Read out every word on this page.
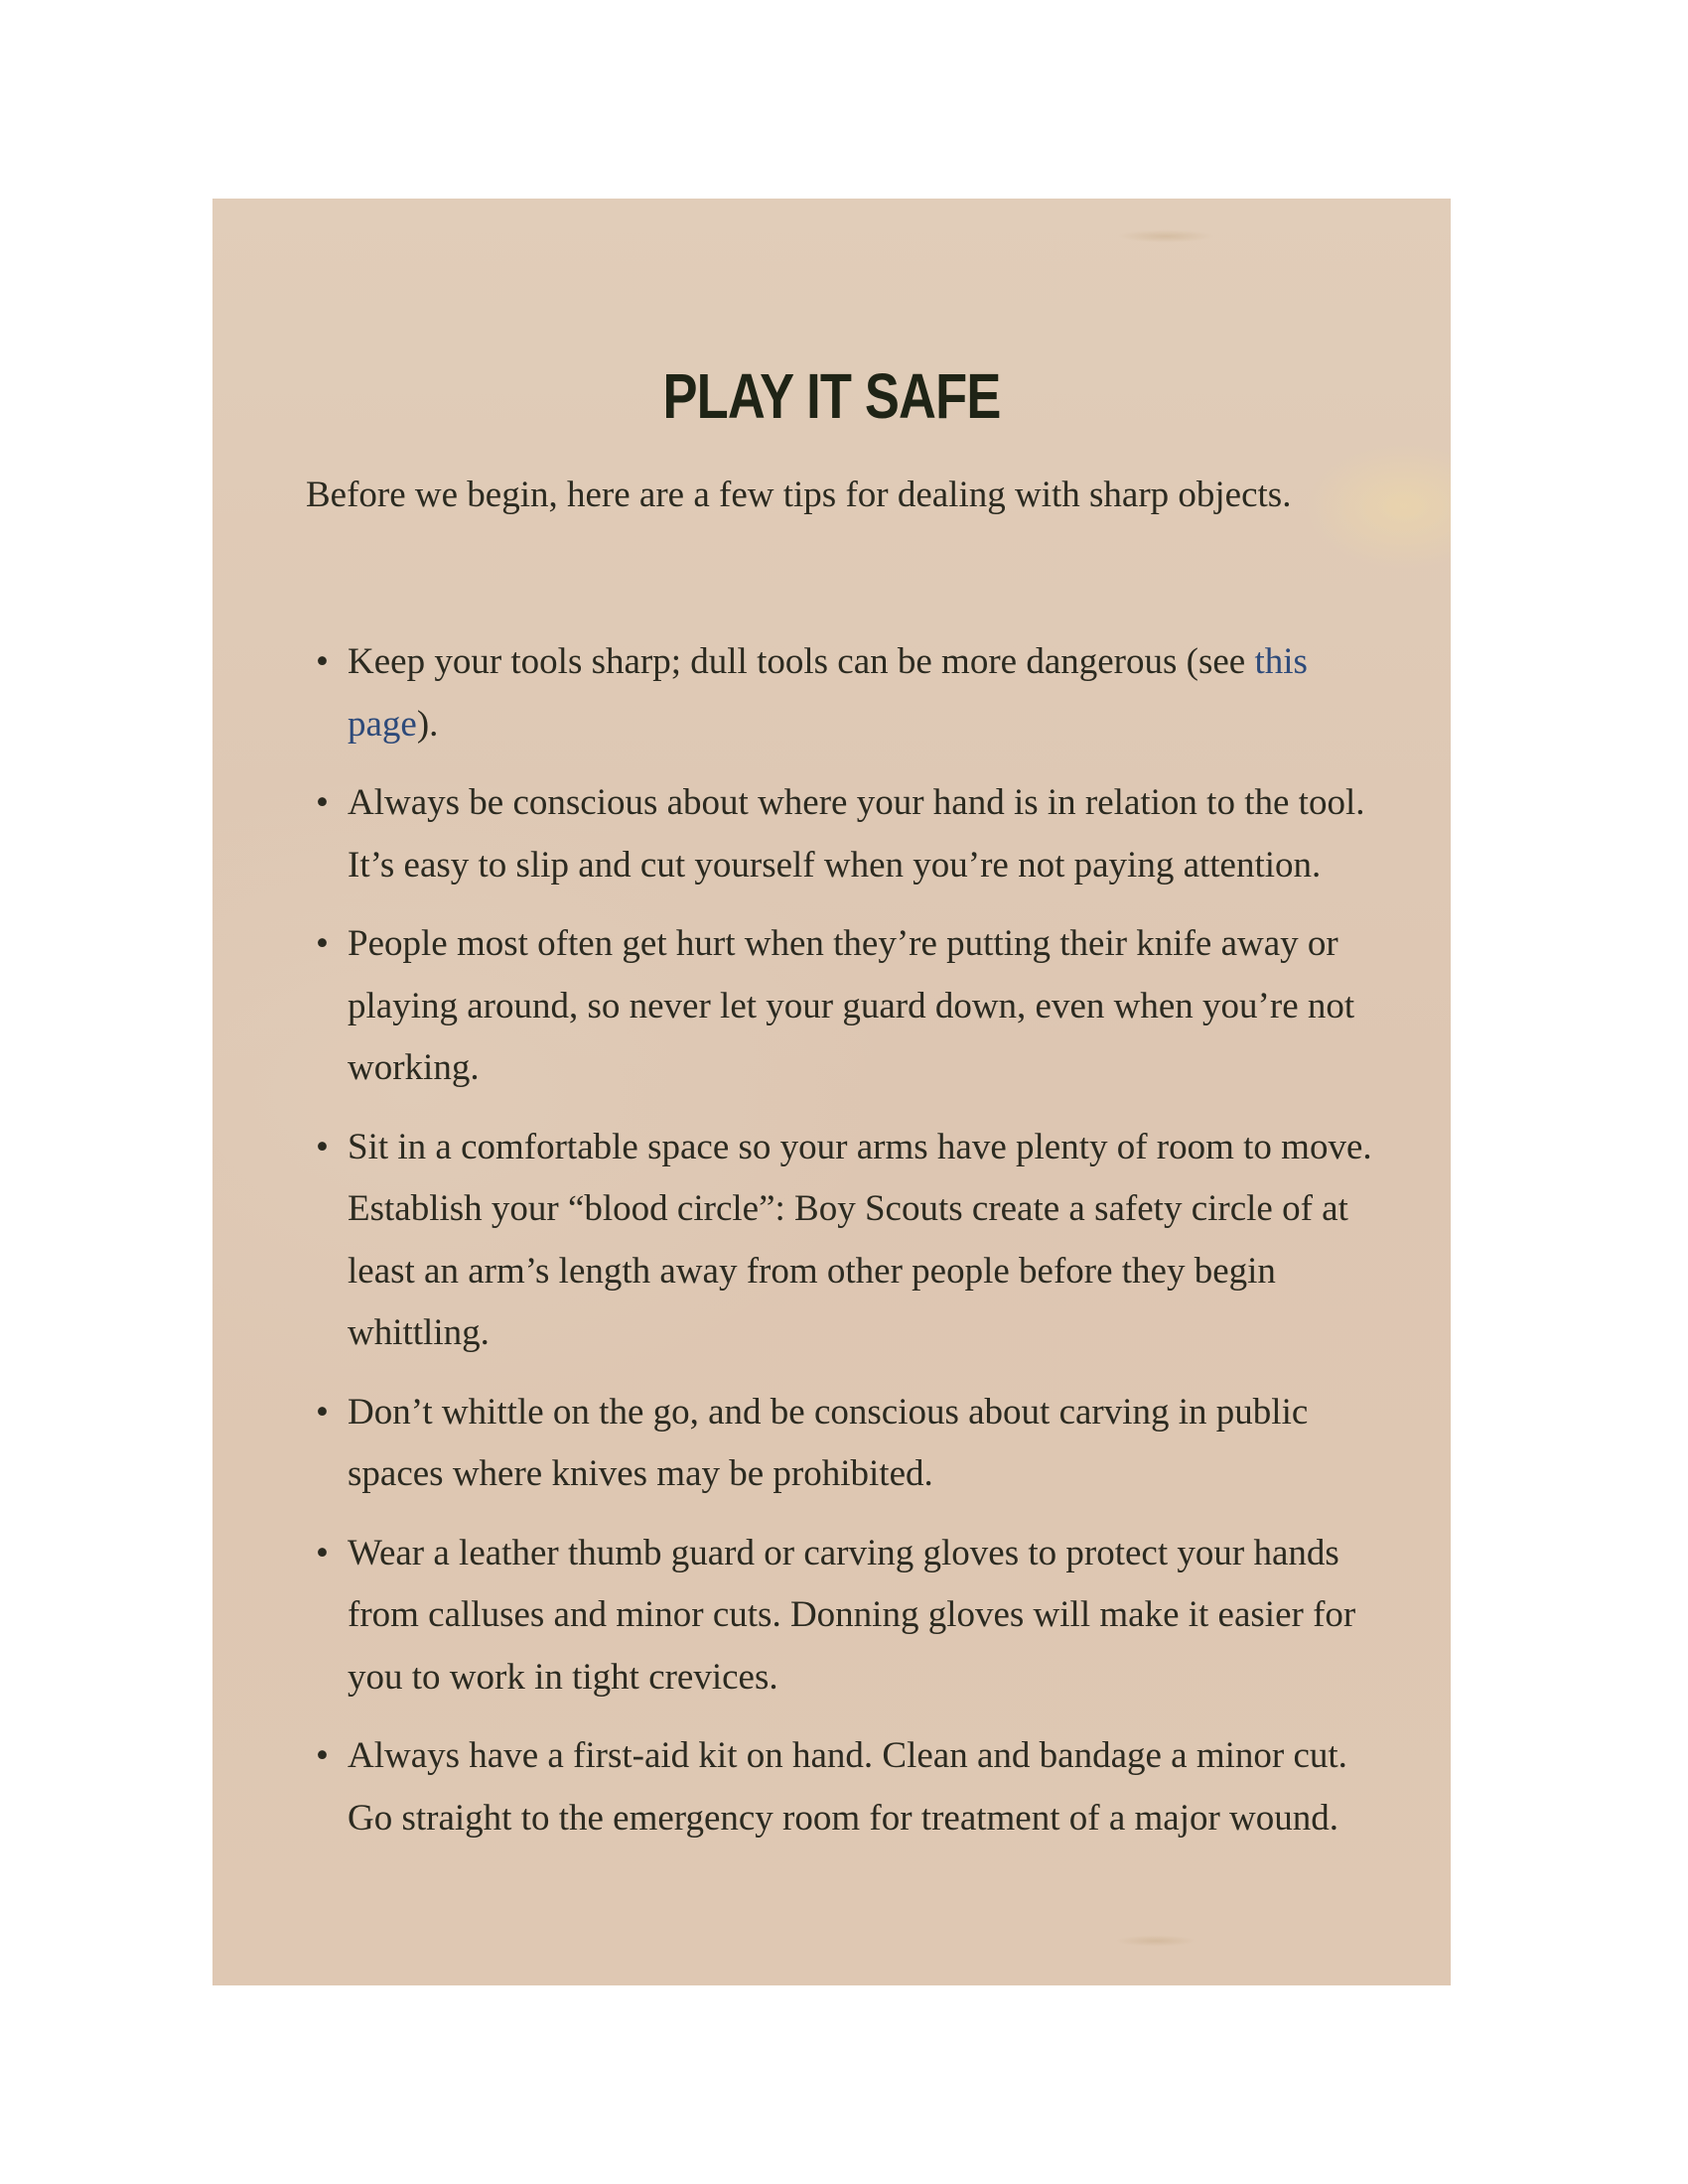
PLAY IT SAFE
Before we begin, here are a few tips for dealing with sharp objects.
• Keep your tools sharp; dull tools can be more dangerous (see this page).
• Always be conscious about where your hand is in relation to the tool. It’s easy to slip and cut yourself when you’re not paying attention.
• People most often get hurt when they’re putting their knife away or playing around, so never let your guard down, even when you’re not working.
• Sit in a comfortable space so your arms have plenty of room to move. Establish your “blood circle”: Boy Scouts create a safety circle of at least an arm’s length away from other people before they begin whittling.
• Don’t whittle on the go, and be conscious about carving in public spaces where knives may be prohibited.
• Wear a leather thumb guard or carving gloves to protect your hands from calluses and minor cuts. Donning gloves will make it easier for you to work in tight crevices.
• Always have a first-aid kit on hand. Clean and bandage a minor cut. Go straight to the emergency room for treatment of a major wound.
